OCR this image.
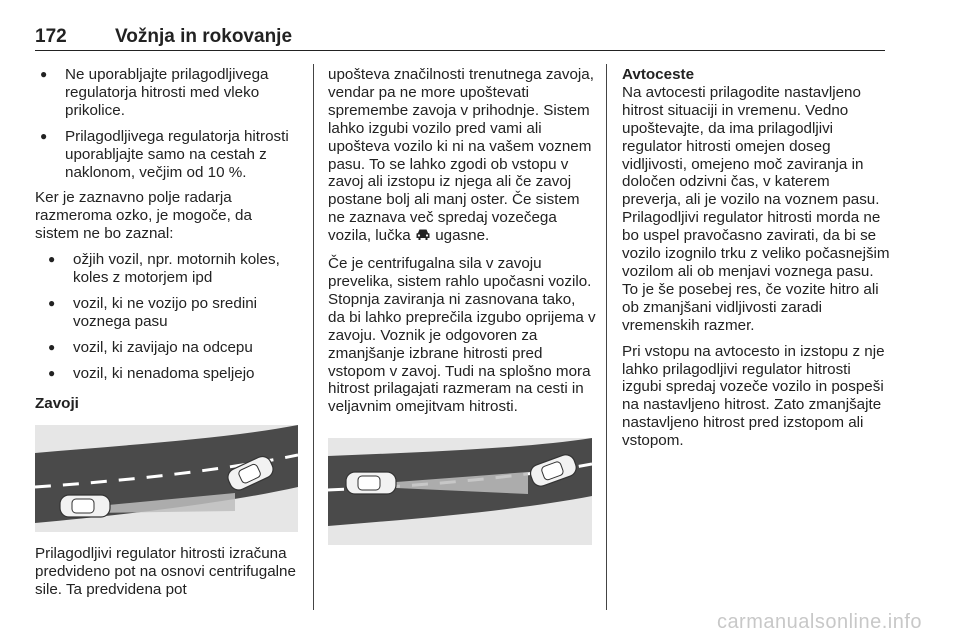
172	Vožnja in rokovanje
● Ne uporabljajte prilagodljivega regulatorja hitrosti med vleko prikolice.
● Prilagodljivega regulatorja hitrosti uporabljajte samo na cestah z naklonom, večjim od 10 %.

Ker je zaznavno polje radarja razmeroma ozko, je mogoče, da sistem ne bo zaznal:

● ožjih vozil, npr. motornih koles, koles z motorjem ipd
● vozil, ki ne vozijo po sredini voznega pasu
● vozil, ki zavijajo na odcepu
● vozil, ki nenadoma speljejo

Zavoji

Prilagodljivi regulator hitrosti izračuna predvideno pot na osnovi centrifugalne sile. Ta predvidena pot

upošteva značilnosti trenutnega zavoja, vendar pa ne more upoštevati spremembe zavoja v prihodnje. Sistem lahko izgubi vozilo pred vami ali upošteva vozilo ki ni na vašem voznem pasu. To se lahko zgodi ob vstopu v zavoj ali izstopu iz njega ali če zavoj postane bolj ali manj oster. Če sistem ne zaznava več spredaj vozečega vozila, lučka ugasne.

Če je centrifugalna sila v zavoju prevelika, sistem rahlo upočasni vozilo. Stopnja zaviranja ni zasnovana tako, da bi lahko preprečila izgubo oprijema v zavoju. Voznik je odgovoren za zmanjšanje izbrane hitrosti pred vstopom v zavoj. Tudi na splošno mora hitrost prilagajati razmeram na cesti in veljavnim omejitvam hitrosti.

Avtoceste

Na avtocesti prilagodite nastavljeno hitrost situaciji in vremenu. Vedno upoštevajte, da ima prilagodljivi regulator hitrosti omejen doseg vidljivosti, omejeno moč zaviranja in določen odzivni čas, v katerem preverja, ali je vozilo na voznem pasu. Prilagodljivi regulator hitrosti morda ne bo uspel pravočasno zavirati, da bi se vozilo izognilo trku z veliko počasnejšim vozilom ali ob menjavi voznega pasu. To je še posebej res, če vozite hitro ali ob zmanjšani vidljivosti zaradi vremenskih razmer.

Pri vstopu na avtocesto in izstopu z nje lahko prilagodljivi regulator hitrosti izgubi spredaj vozeče vozilo in pospeši na nastavljeno hitrost. Zato zmanjšajte nastavljeno hitrost pred izstopom ali vstopom.

carmanualsonline.info
